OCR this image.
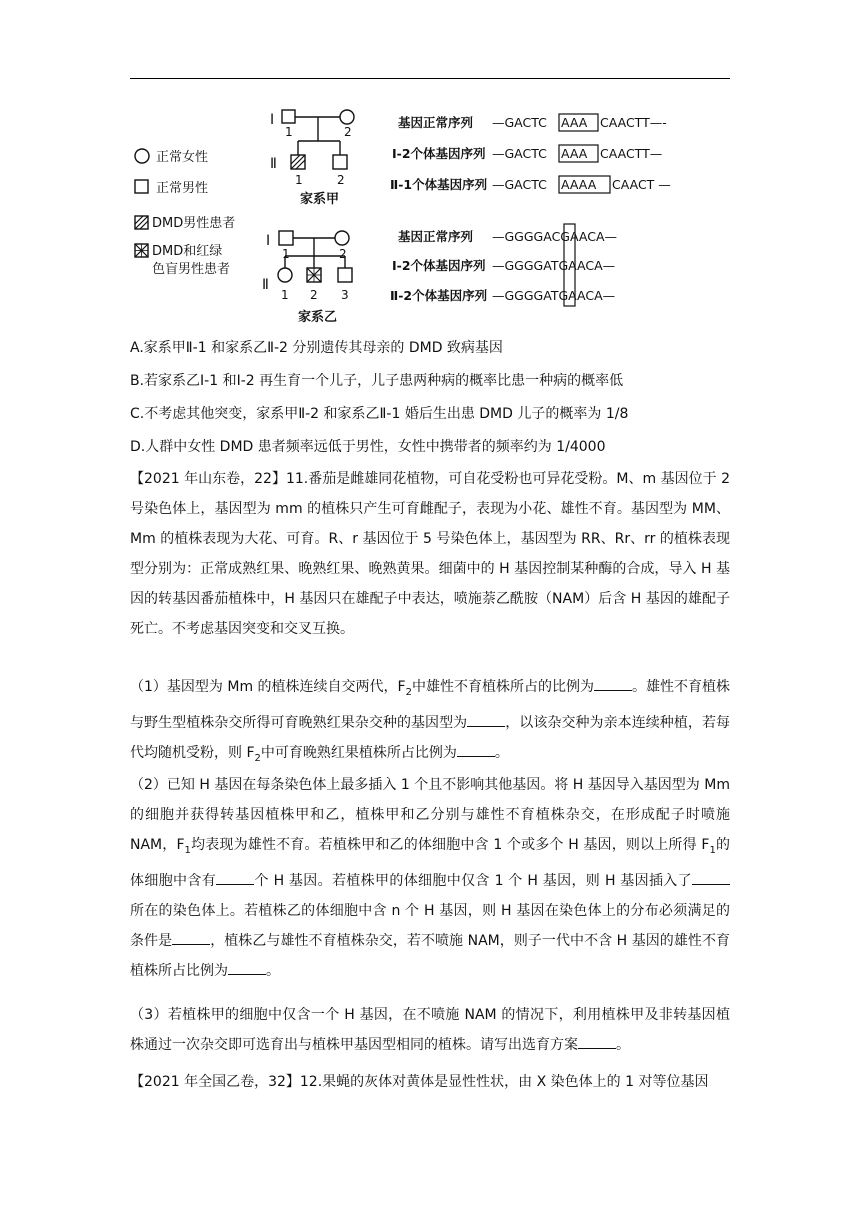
正常女性
正常男性
DMD男性患者
DMD和红绿
色盲男性患者
Ⅰ
1	2
Ⅱ
1	2
家系甲
Ⅰ
1	2
Ⅱ
1 2 3
家系乙
基因正常序列 —GACTC AAA CAACTT—-
Ⅰ-2个体基因序列 —GACTC AAA CAACTT—
Ⅱ-1个体基因序列 —GACTC AAAA CAACT —
基因正常序列 —GGGGACGAACA—
Ⅰ-2个体基因序列 —GGGGATGAACA—
Ⅱ-2个体基因序列 —GGGGATGAACA—
A.家系甲Ⅱ-1 和家系乙Ⅱ-2 分别遗传其母亲的 DMD 致病基因
B.若家系乙Ⅰ-1 和Ⅰ-2 再生育一个儿子，儿子患两种病的概率比患一种病的概率低
C.不考虑其他突变，家系甲Ⅱ-2 和家系乙Ⅱ-1 婚后生出患 DMD 儿子的概率为 1/8
D.人群中女性 DMD 患者频率远低于男性，女性中携带者的频率约为 1/4000
【2021 年山东卷，22】11.番茄是雌雄同花植物，可自花受粉也可异花受粉。M、m 基因位于 2 号染色体上，基因型为 mm 的植株只产生可育雌配子，表现为小花、雄性不育。基因型为 MM、Mm 的植株表现为大花、可育。R、r 基因位于 5 号染色体上，基因型为 RR、Rr、rr 的植株表现型分别为：正常成熟红果、晚熟红果、晚熟黄果。细菌中的 H 基因控制某种酶的合成，导入 H 基因的转基因番茄植株中，H 基因只在雄配子中表达，喷施萘乙酰胺（NAM）后含 H 基因的雄配子死亡。不考虑基因突变和交叉互换。
（1）基因型为 Mm 的植株连续自交两代，$F_2$中雄性不育植株所占的比例为	。雄性不育植株与野生型植株杂交所得可育晚熟红果杂交种的基因型为	，以该杂交种为亲本连续种植，若每代均随机受粉，则 $F_2$中可育晚熟红果植株所占比例为	。
（2）已知 H 基因在每条染色体上最多插入 1 个且不影响其他基因。将 H 基因导入基因型为 Mm 的细胞并获得转基因植株甲和乙，植株甲和乙分别与雄性不育植株杂交，在形成配子时喷施 NAM，$F_1$均表现为雄性不育。若植株甲和乙的体细胞中含 1 个或多个 H 基因，则以上所得 $F_1$的体细胞中含有	个 H 基因。若植株甲的体细胞中仅含 1 个 H 基因，则 H 基因插入了所在的染色体上。若植株乙的体细胞中含 n 个 H 基因，则 H 基因在染色体上的分布必须满足的条件是	，植株乙与雄性不育植株杂交，若不喷施 NAM，则子一代中不含 H 基因的雄性不育植株所占比例为	。
（3）若植株甲的细胞中仅含一个 H 基因，在不喷施 NAM 的情况下，利用植株甲及非转基因植株通过一次杂交即可选育出与植株甲基因型相同的植株。请写出选育方案	。
【2021 年全国乙卷，32】12.果蝇的灰体对黄体是显性性状，由 X 染色体上的 1 对等位基因
